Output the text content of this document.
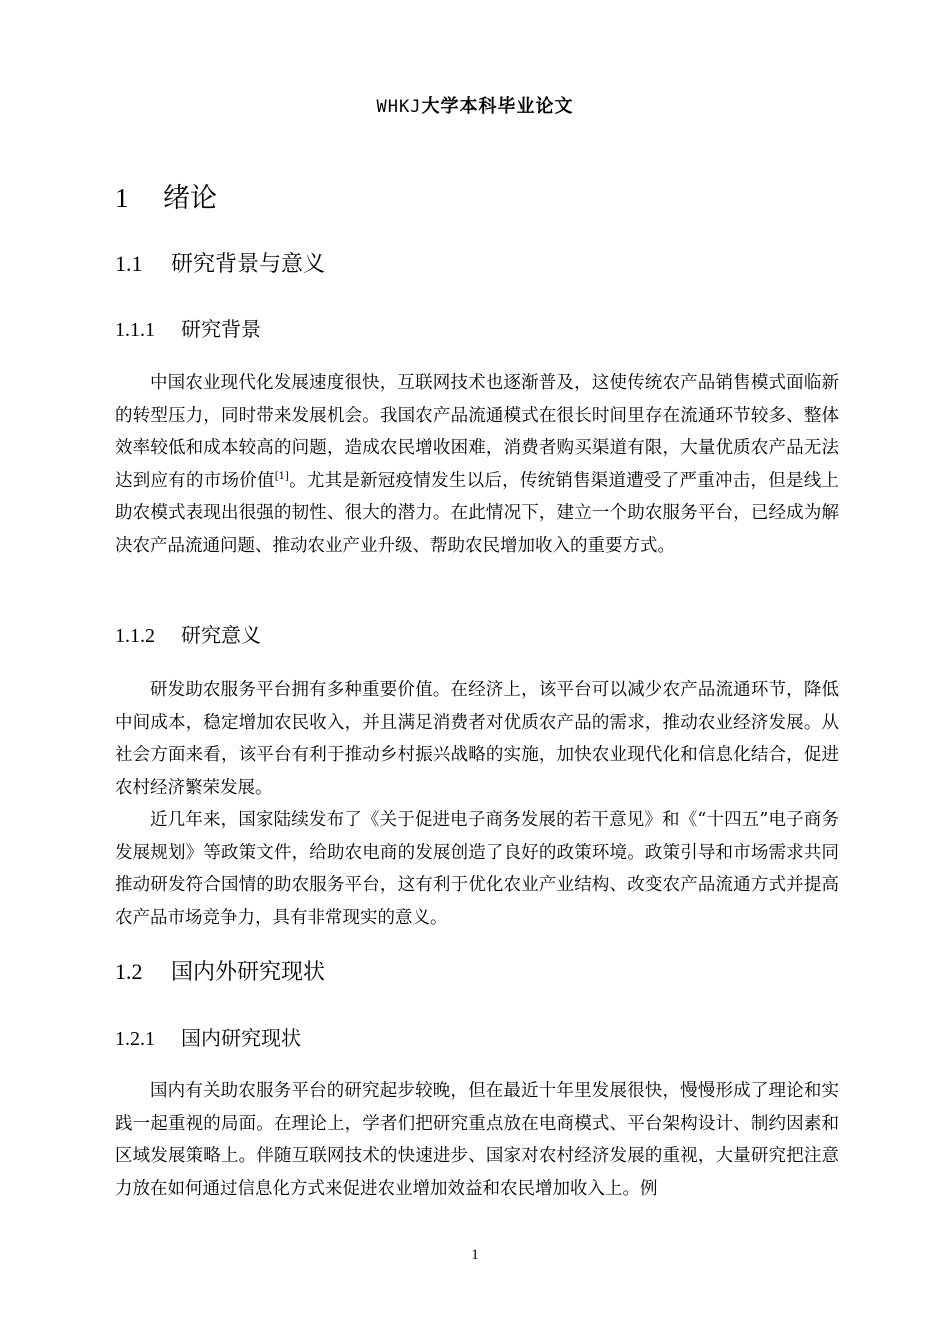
WHKJ大学本科毕业论文
1 绪论
1.1 研究背景与意义
1.1.1 研究背景

中国农业现代化发展速度很快，互联网技术也逐渐普及，这使传统农产品销售模式面临新的转型压力，同时带来发展机会。我国农产品流通模式在很长时间里存在流通环节较多、整体效率较低和成本较高的问题，造成农民增收困难，消费者购买渠道有限，大量优质农产品无法达到应有的市场价值[1]。尤其是新冠疫情发生以后，传统销售渠道遭受了严重冲击，但是线上助农模式表现出很强的韧性、很大的潜力。在此情况下，建立一个助农服务平台，已经成为解决农产品流通问题、推动农业产业升级、帮助农民增加收入的重要方式。

1.1.2 研究意义

研发助农服务平台拥有多种重要价值。在经济上，该平台可以减少农产品流通环节，降低中间成本，稳定增加农民收入，并且满足消费者对优质农产品的需求，推动农业经济发展。从社会方面来看，该平台有利于推动乡村振兴战略的实施，加快农业现代化和信息化结合，促进农村经济繁荣发展。

近几年来，国家陆续发布了《关于促进电子商务发展的若干意见》和《“十四五”电子商务发展规划》等政策文件，给助农电商的发展创造了良好的政策环境。政策引导和市场需求共同推动研发符合国情的助农服务平台，这有利于优化农业产业结构、改变农产品流通方式并提高农产品市场竞争力，具有非常现实的意义。

1.2 国内外研究现状
1.2.1 国内研究现状

国内有关助农服务平台的研究起步较晚，但在最近十年里发展很快，慢慢形成了理论和实践一起重视的局面。在理论上，学者们把研究重点放在电商模式、平台架构设计、制约因素和区域发展策略上。伴随互联网技术的快速进步、国家对农村经济发展的重视，大量研究把注意力放在如何通过信息化方式来促进农业增加效益和农民增加收入上。例

1
